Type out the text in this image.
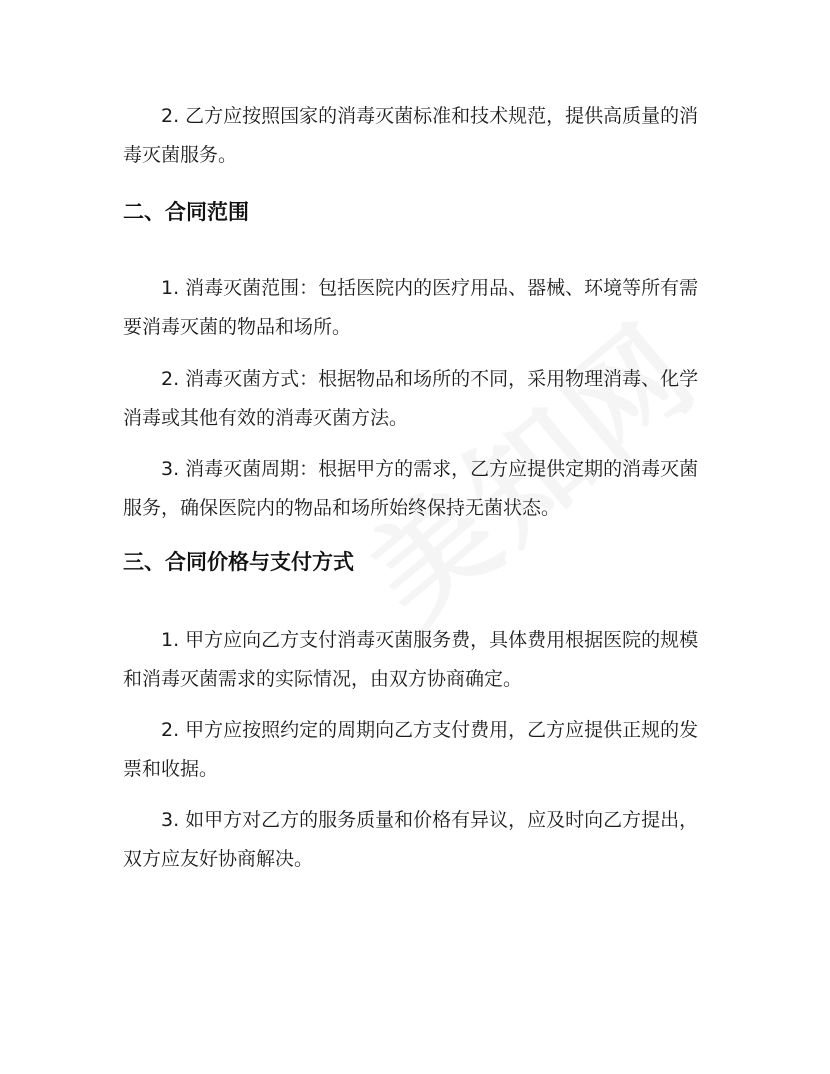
2. 乙方应按照国家的消毒灭菌标准和技术规范，提供高质量的消毒灭菌服务。

二、合同范围

1. 消毒灭菌范围：包括医院内的医疗用品、器械、环境等所有需要消毒灭菌的物品和场所。

2. 消毒灭菌方式：根据物品和场所的不同，采用物理消毒、化学消毒或其他有效的消毒灭菌方法。

3. 消毒灭菌周期：根据甲方的需求，乙方应提供定期的消毒灭菌服务，确保医院内的物品和场所始终保持无菌状态。

三、合同价格与支付方式

1. 甲方应向乙方支付消毒灭菌服务费，具体费用根据医院的规模和消毒灭菌需求的实际情况，由双方协商确定。

2. 甲方应按照约定的周期向乙方支付费用，乙方应提供正规的发票和收据。

3. 如甲方对乙方的服务质量和价格有异议，应及时向乙方提出，双方应友好协商解决。
